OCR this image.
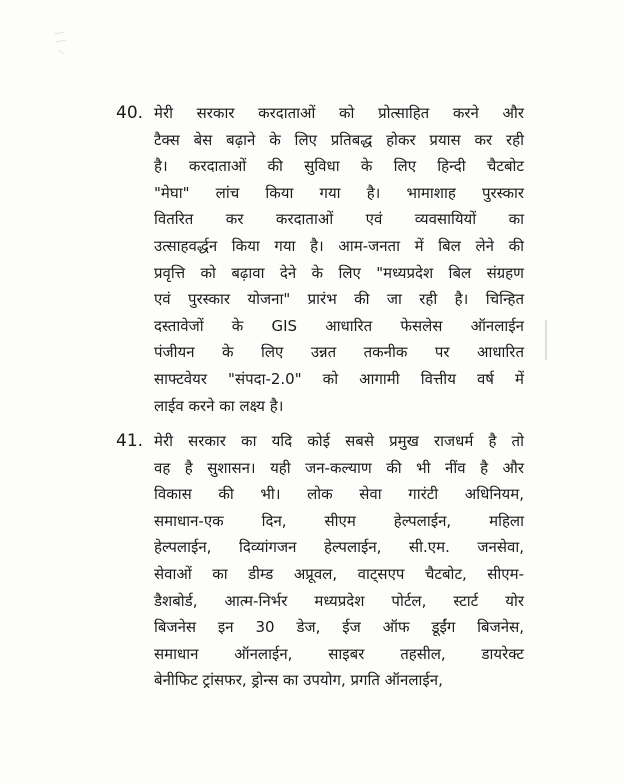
40. मेरी सरकार करदाताओं को प्रोत्साहित करने और
टैक्स बेस बढ़ाने के लिए प्रतिबद्ध होकर प्रयास कर रही
है। करदाताओं की सुविधा के लिए हिन्दी चैटबोट
"मेघा" लांच किया गया है। भामाशाह पुरस्कार
वितरित कर करदाताओं एवं व्यवसायियों का
उत्साहवर्द्धन किया गया है। आम-जनता में बिल लेने की
प्रवृत्ति को बढ़ावा देने के लिए "मध्यप्रदेश बिल संग्रहण
एवं पुरस्कार योजना" प्रारंभ की जा रही है। चिन्हित
दस्तावेजों के GIS आधारित फेसलेस ऑनलाईन
पंजीयन के लिए उन्नत तकनीक पर आधारित
साफ्टवेयर "संपदा-2.0" को आगामी वित्तीय वर्ष में
लाईव करने का लक्ष्य है।
41. मेरी सरकार का यदि कोई सबसे प्रमुख राजधर्म है तो
वह है सुशासन। यही जन-कल्याण की भी नींव है और
विकास की भी। लोक सेवा गारंटी अधिनियम,
समाधान-एक दिन, सीएम हेल्पलाईन, महिला
हेल्पलाईन, दिव्यांगजन हेल्पलाईन, सी.एम. जनसेवा,
सेवाओं का डीम्ड अप्रूवल, वाट्सएप चैटबोट, सीएम-
डैशबोर्ड, आत्म-निर्भर मध्यप्रदेश पोर्टल, स्टार्ट योर
बिजनेस इन 30 डेज, ईज ऑफ डूईंग बिजनेस,
समाधान ऑनलाईन, साइबर तहसील, डायरेक्ट
बेनीफिट ट्रांसफर, ड्रोन्स का उपयोग, प्रगति ऑनलाईन,
